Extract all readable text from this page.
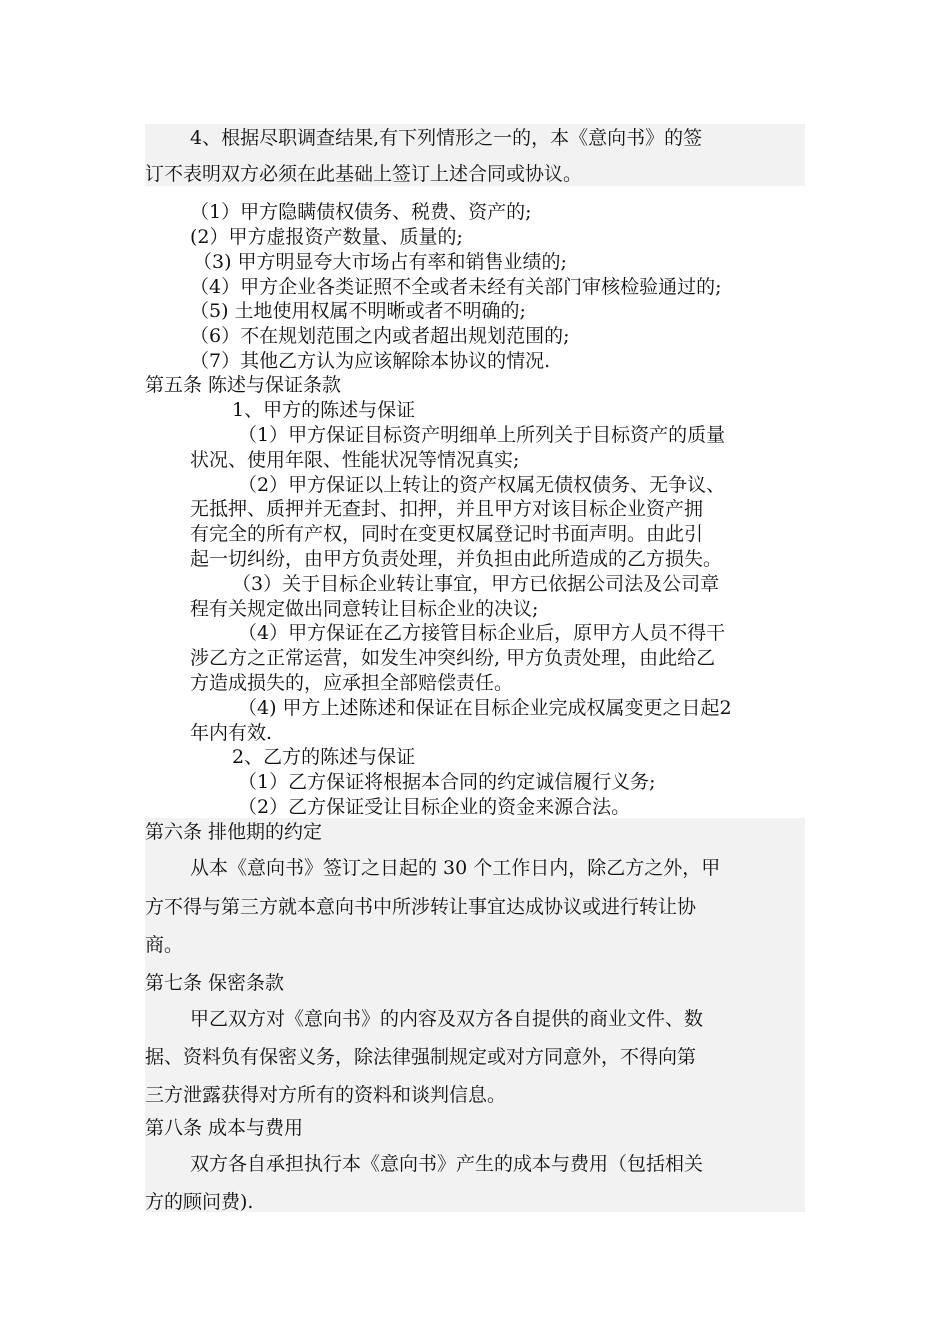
4、根据尽职调查结果,有下列情形之一的，本《意向书》的签
订不表明双方必须在此基础上签订上述合同或协议。
（1）甲方隐瞒债权债务、税费、资产的;
(2）甲方虚报资产数量、质量的;
（3) 甲方明显夸大市场占有率和销售业绩的;
（4）甲方企业各类证照不全或者未经有关部门审核检验通过的;
（5) 土地使用权属不明晰或者不明确的;
（6）不在规划范围之内或者超出规划范围的;
（7）其他乙方认为应该解除本协议的情况.
第五条 陈述与保证条款
1、甲方的陈述与保证
（1）甲方保证目标资产明细单上所列关于目标资产的质量
状况、使用年限、性能状况等情况真实;
（2）甲方保证以上转让的资产权属无债权债务、无争议、
无抵押、质押并无查封、扣押，并且甲方对该目标企业资产拥
有完全的所有产权，同时在变更权属登记时书面声明。由此引
起一切纠纷，由甲方负责处理，并负担由此所造成的乙方损失。
（3）关于目标企业转让事宜，甲方已依据公司法及公司章
程有关规定做出同意转让目标企业的决议;
（4）甲方保证在乙方接管目标企业后，原甲方人员不得干
涉乙方之正常运营，如发生冲突纠纷, 甲方负责处理，由此给乙
方造成损失的，应承担全部赔偿责任。
（4) 甲方上述陈述和保证在目标企业完成权属变更之日起2
年内有效.
2、乙方的陈述与保证
（1）乙方保证将根据本合同的约定诚信履行义务;
（2）乙方保证受让目标企业的资金来源合法。
第六条 排他期的约定
从本《意向书》签订之日起的 30 个工作日内，除乙方之外，甲
方不得与第三方就本意向书中所涉转让事宜达成协议或进行转让协
商。
第七条 保密条款
甲乙双方对《意向书》的内容及双方各自提供的商业文件、数
据、资料负有保密义务，除法律强制规定或对方同意外，不得向第
三方泄露获得对方所有的资料和谈判信息。
第八条 成本与费用
双方各自承担执行本《意向书》产生的成本与费用（包括相关
方的顾问费).
